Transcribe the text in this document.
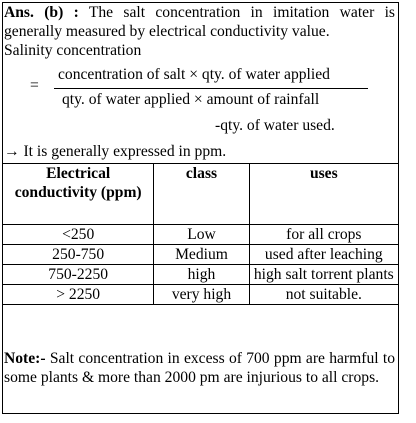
Ans. (b) : The salt concentration in imitation water is generally measured by electrical conductivity value.
Salinity concentration
=
concentration of salt × qty. of water applied
qty. of water applied × amount of rainfall
-qty. of water used.
→ It is generally expressed in ppm.
Electrical conductivity (ppm)	class	uses
<250	Low	for all crops
250-750	Medium	used after leaching
750-2250	high	high salt torrent plants
> 2250	very high	not suitable.
Note:- Salt concentration in excess of 700 ppm are harmful to some plants & more than 2000 pm are injurious to all crops.
